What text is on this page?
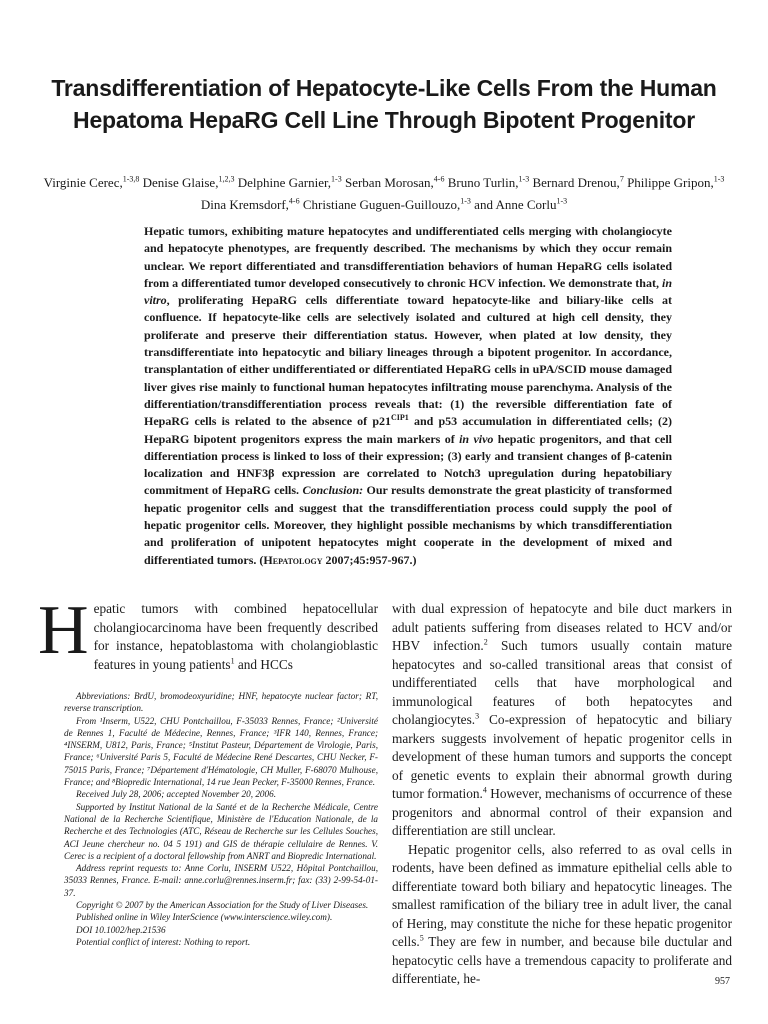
Transdifferentiation of Hepatocyte-Like Cells From the Human Hepatoma HepaRG Cell Line Through Bipotent Progenitor
Virginie Cerec,$^{1-3,8}$ Denise Glaise,$^{1,2,3}$ Delphine Garnier,$^{1-3}$ Serban Morosan,$^{4-6}$ Bruno Turlin,$^{1-3}$ Bernard Drenou,$^7$ Philippe Gripon,$^{1-3}$ Dina Kremsdorf,$^{4-6}$ Christiane Guguen-Guillouzo,$^{1-3}$ and Anne Corlu$^{1-3}$
Hepatic tumors, exhibiting mature hepatocytes and undifferentiated cells merging with cholangiocyte and hepatocyte phenotypes, are frequently described. The mechanisms by which they occur remain unclear. We report differentiated and transdifferentiation behaviors of human HepaRG cells isolated from a differentiated tumor developed consecutively to chronic HCV infection. We demonstrate that, in vitro, proliferating HepaRG cells differentiate toward hepatocyte-like and biliary-like cells at confluence. If hepatocyte-like cells are selectively isolated and cultured at high cell density, they proliferate and preserve their differentiation status. However, when plated at low density, they transdifferentiate into hepatocytic and biliary lineages through a bipotent progenitor. In accordance, transplantation of either undifferentiated or differentiated HepaRG cells in uPA/SCID mouse damaged liver gives rise mainly to functional human hepatocytes infiltrating mouse parenchyma. Analysis of the differentiation/transdifferentiation process reveals that: (1) the reversible differentiation fate of HepaRG cells is related to the absence of $p21^{CIP1}$ and p53 accumulation in differentiated cells; (2) HepaRG bipotent progenitors express the main markers of in vivo hepatic progenitors, and that cell differentiation process is linked to loss of their expression; (3) early and transient changes of β-catenin localization and HNF3β expression are correlated to Notch3 upregulation during hepatobiliary commitment of HepaRG cells. Conclusion: Our results demonstrate the great plasticity of transformed hepatic progenitor cells and suggest that the transdifferentiation process could supply the pool of hepatic progenitor cells. Moreover, they highlight possible mechanisms by which transdifferentiation and proliferation of unipotent hepatocytes might cooperate in the development of mixed and differentiated tumors. (Hepatology 2007;45:957-967.)

Hepatic tumors with combined hepatocellular cholangiocarcinoma have been frequently described for instance, hepatoblastoma with cholangioblastic features in young patients$^1$ and HCCs

Abbreviations: BrdU, bromodeoxyuridine; HNF, hepatocyte nuclear factor; RT, reverse transcription.

From ¹Inserm, U522, CHU Pontchaillou, F-35033 Rennes, France; ²Université de Rennes 1, Faculté de Médecine, Rennes, France; ³IFR 140, Rennes, France; ⁴INSERM, U812, Paris, France; ⁵Institut Pasteur, Département de Virologie, Paris, France; ⁶Université Paris 5, Faculté de Médecine René Descartes, CHU Necker, F-75015 Paris, France; ⁷Département d'Hématologie, CH Muller, F-68070 Mulhouse, France; and ⁸Biopredic International, 14 rue Jean Pecker, F-35000 Rennes, France.

Received July 28, 2006; accepted November 20, 2006.

Supported by Institut National de la Santé et de la Recherche Médicale, Centre National de la Recherche Scientifique, Ministère de l'Education Nationale, de la Recherche et des Technologies (ATC, Réseau de Recherche sur les Cellules Souches, ACI Jeune chercheur no. 04 5 191) and GIS de thérapie cellulaire de Rennes. V. Cerec is a recipient of a doctoral fellowship from ANRT and Biopredic International.

Address reprint requests to: Anne Corlu, INSERM U522, Hôpital Pontchaillou, 35033 Rennes, France. E-mail: anne.corlu@rennes.inserm.fr; fax: (33) 2-99-54-01-37.

Copyright © 2007 by the American Association for the Study of Liver Diseases.

Published online in Wiley InterScience (www.interscience.wiley.com).

DOI 10.1002/hep.21536

Potential conflict of interest: Nothing to report.

with dual expression of hepatocyte and bile duct markers in adult patients suffering from diseases related to HCV and/or HBV infection.$^2$ Such tumors usually contain mature hepatocytes and so-called transitional areas that consist of undifferentiated cells that have morphological and immunological features of both hepatocytes and cholangiocytes.$^3$ Co-expression of hepatocytic and biliary markers suggests involvement of hepatic progenitor cells in development of these human tumors and supports the concept of genetic events to explain their abnormal growth during tumor formation.$^4$ However, mechanisms of occurrence of these progenitors and abnormal control of their expansion and differentiation are still unclear.

Hepatic progenitor cells, also referred to as oval cells in rodents, have been defined as immature epithelial cells able to differentiate toward both biliary and hepatocytic lineages. The smallest ramification of the biliary tree in adult liver, the canal of Hering, may constitute the niche for these hepatic progenitor cells.$^5$ They are few in number, and because bile ductular and hepatocytic cells have a tremendous capacity to proliferate and differentiate, he-	957
